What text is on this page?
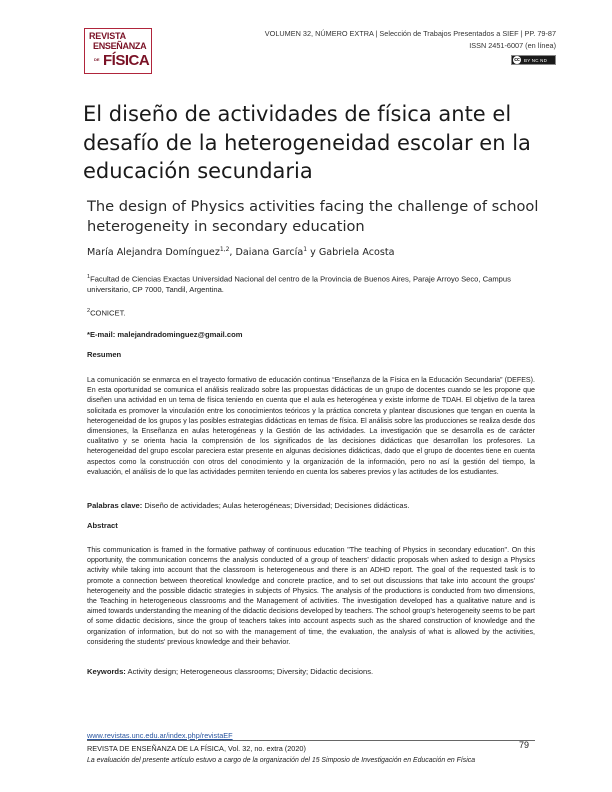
REVISTA
ENSEÑANZA
DE FÍSICA
VOLUMEN 32, NÚMERO EXTRA | Selección de Trabajos Presentados a SIEF | PP. 79-87
ISSN 2451-6007 (en línea)
cc BY NC ND
El diseño de actividades de física ante el desafío de la heterogeneidad escolar en la educación secundaria
The design of Physics activities facing the challenge of school heterogeneity in secondary education
María Alejandra Domínguez$^{1,2}$, Daiana García$^1$ y Gabriela Acosta
$^1$Facultad de Ciencias Exactas Universidad Nacional del centro de la Provincia de Buenos Aires, Paraje Arroyo Seco, Campus universitario, CP 7000, Tandil, Argentina.
$^2$CONICET.
*E-mail: malejandradominguez@gmail.com
Resumen
La comunicación se enmarca en el trayecto formativo de educación continua “Enseñanza de la Física en la Educación Secundaria” (DEFES). En esta oportunidad se comunica el análisis realizado sobre las propuestas didácticas de un grupo de docentes cuando se les propone que diseñen una actividad en un tema de física teniendo en cuenta que el aula es heterogénea y existe informe de TDAH. El objetivo de la tarea solicitada es promover la vinculación entre los conocimientos teóricos y la práctica concreta y plantear discusiones que tengan en cuenta la heterogeneidad de los grupos y las posibles estrategias didácticas en temas de física. El análisis sobre las producciones se realiza desde dos dimensiones, la Enseñanza en aulas heterogéneas y la Gestión de las actividades. La investigación que se desarrolla es de carácter cualitativo y se orienta hacia la comprensión de los significados de las decisiones didácticas que desarrollan los profesores. La heterogeneidad del grupo escolar pareciera estar presente en algunas decisiones didácticas, dado que el grupo de docentes tiene en cuenta aspectos como la construcción con otros del conocimiento y la organización de la información, pero no así la gestión del tiempo, la evaluación, el análisis de lo que las actividades permiten teniendo en cuenta los saberes previos y las actitudes de los estudiantes.
Palabras clave: Diseño de actividades; Aulas heterogéneas; Diversidad; Decisiones didácticas.
Abstract
This communication is framed in the formative pathway of continuous education "The teaching of Physics in secondary education". On this opportunity, the communication concerns the analysis conducted of a group of teachers' didactic proposals when asked to design a Physics activity while taking into account that the classroom is heterogeneous and there is an ADHD report. The goal of the requested task is to promote a connection between theoretical knowledge and concrete practice, and to set out discussions that take into account the groups' heterogeneity and the possible didactic strategies in subjects of Physics. The analysis of the productions is conducted from two dimensions, the Teaching in heterogeneous classrooms and the Management of activities. The investigation developed has a qualitative nature and is aimed towards understanding the meaning of the didactic decisions developed by teachers. The school group's heterogeneity seems to be part of some didactic decisions, since the group of teachers takes into account aspects such as the shared construction of knowledge and the organization of information, but do not so with the management of time, the evaluation, the analysis of what is allowed by the activities, considering the students' previous knowledge and their behavior.
Keywords: Activity design; Heterogeneous classrooms; Diversity; Didactic decisions.
www.revistas.unc.edu.ar/index.php/revistaEF
REVISTA DE ENSEÑANZA DE LA FÍSICA, Vol. 32, no. extra (2020)	79
La evaluación del presente artículo estuvo a cargo de la organización del 15 Simposio de Investigación en Educación en Física
